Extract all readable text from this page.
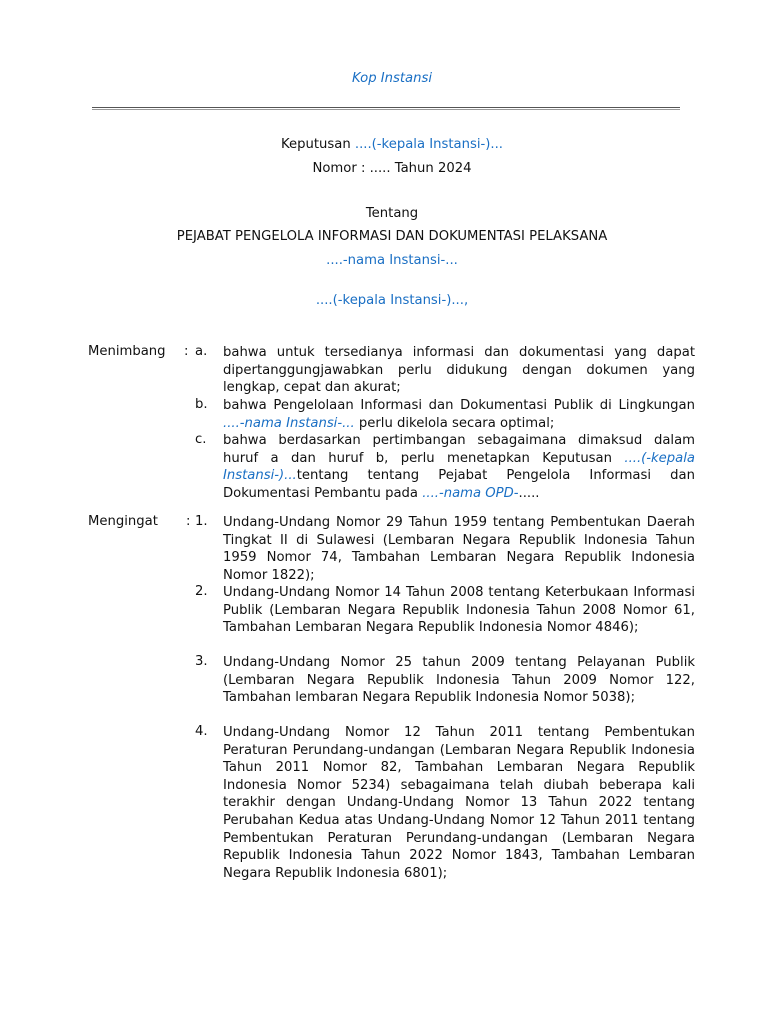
Kop Instansi
Keputusan ....(-kepala Instansi-)...
Nomor : ..... Tahun 2024
Tentang
PEJABAT PENGELOLA INFORMASI DAN DOKUMENTASI PELAKSANA
....-nama Instansi-...
....(-kepala Instansi-)...,
Menimbang : a. bahwa untuk tersedianya informasi dan dokumentasi yang dapat dipertanggungjawabkan perlu didukung dengan dokumen yang lengkap, cepat dan akurat;
b. bahwa Pengelolaan Informasi dan Dokumentasi Publik di Lingkungan ....-nama Instansi-... perlu dikelola secara optimal;
c. bahwa berdasarkan pertimbangan sebagaimana dimaksud dalam huruf a dan huruf b, perlu menetapkan Keputusan ....(-kepala Instansi-)...tentang tentang Pejabat Pengelola Informasi dan Dokumentasi Pembantu pada ....-nama OPD-.....
Mengingat : 1. Undang-Undang Nomor 29 Tahun 1959 tentang Pembentukan Daerah Tingkat II di Sulawesi (Lembaran Negara Republik Indonesia Tahun 1959 Nomor 74, Tambahan Lembaran Negara Republik Indonesia Nomor 1822);
2. Undang-Undang Nomor 14 Tahun 2008 tentang Keterbukaan Informasi Publik (Lembaran Negara Republik Indonesia Tahun 2008 Nomor 61, Tambahan Lembaran Negara Republik Indonesia Nomor 4846);
3. Undang-Undang Nomor 25 tahun 2009 tentang Pelayanan Publik (Lembaran Negara Republik Indonesia Tahun 2009 Nomor 122, Tambahan lembaran Negara Republik Indonesia Nomor 5038);
4. Undang-Undang Nomor 12 Tahun 2011 tentang Pembentukan Peraturan Perundang-undangan (Lembaran Negara Republik Indonesia Tahun 2011 Nomor 82, Tambahan Lembaran Negara Republik Indonesia Nomor 5234) sebagaimana telah diubah beberapa kali terakhir dengan Undang-Undang Nomor 13 Tahun 2022 tentang Perubahan Kedua atas Undang-Undang Nomor 12 Tahun 2011 tentang Pembentukan Peraturan Perundang-undangan (Lembaran Negara Republik Indonesia Tahun 2022 Nomor 1843, Tambahan Lembaran Negara Republik Indonesia 6801);
